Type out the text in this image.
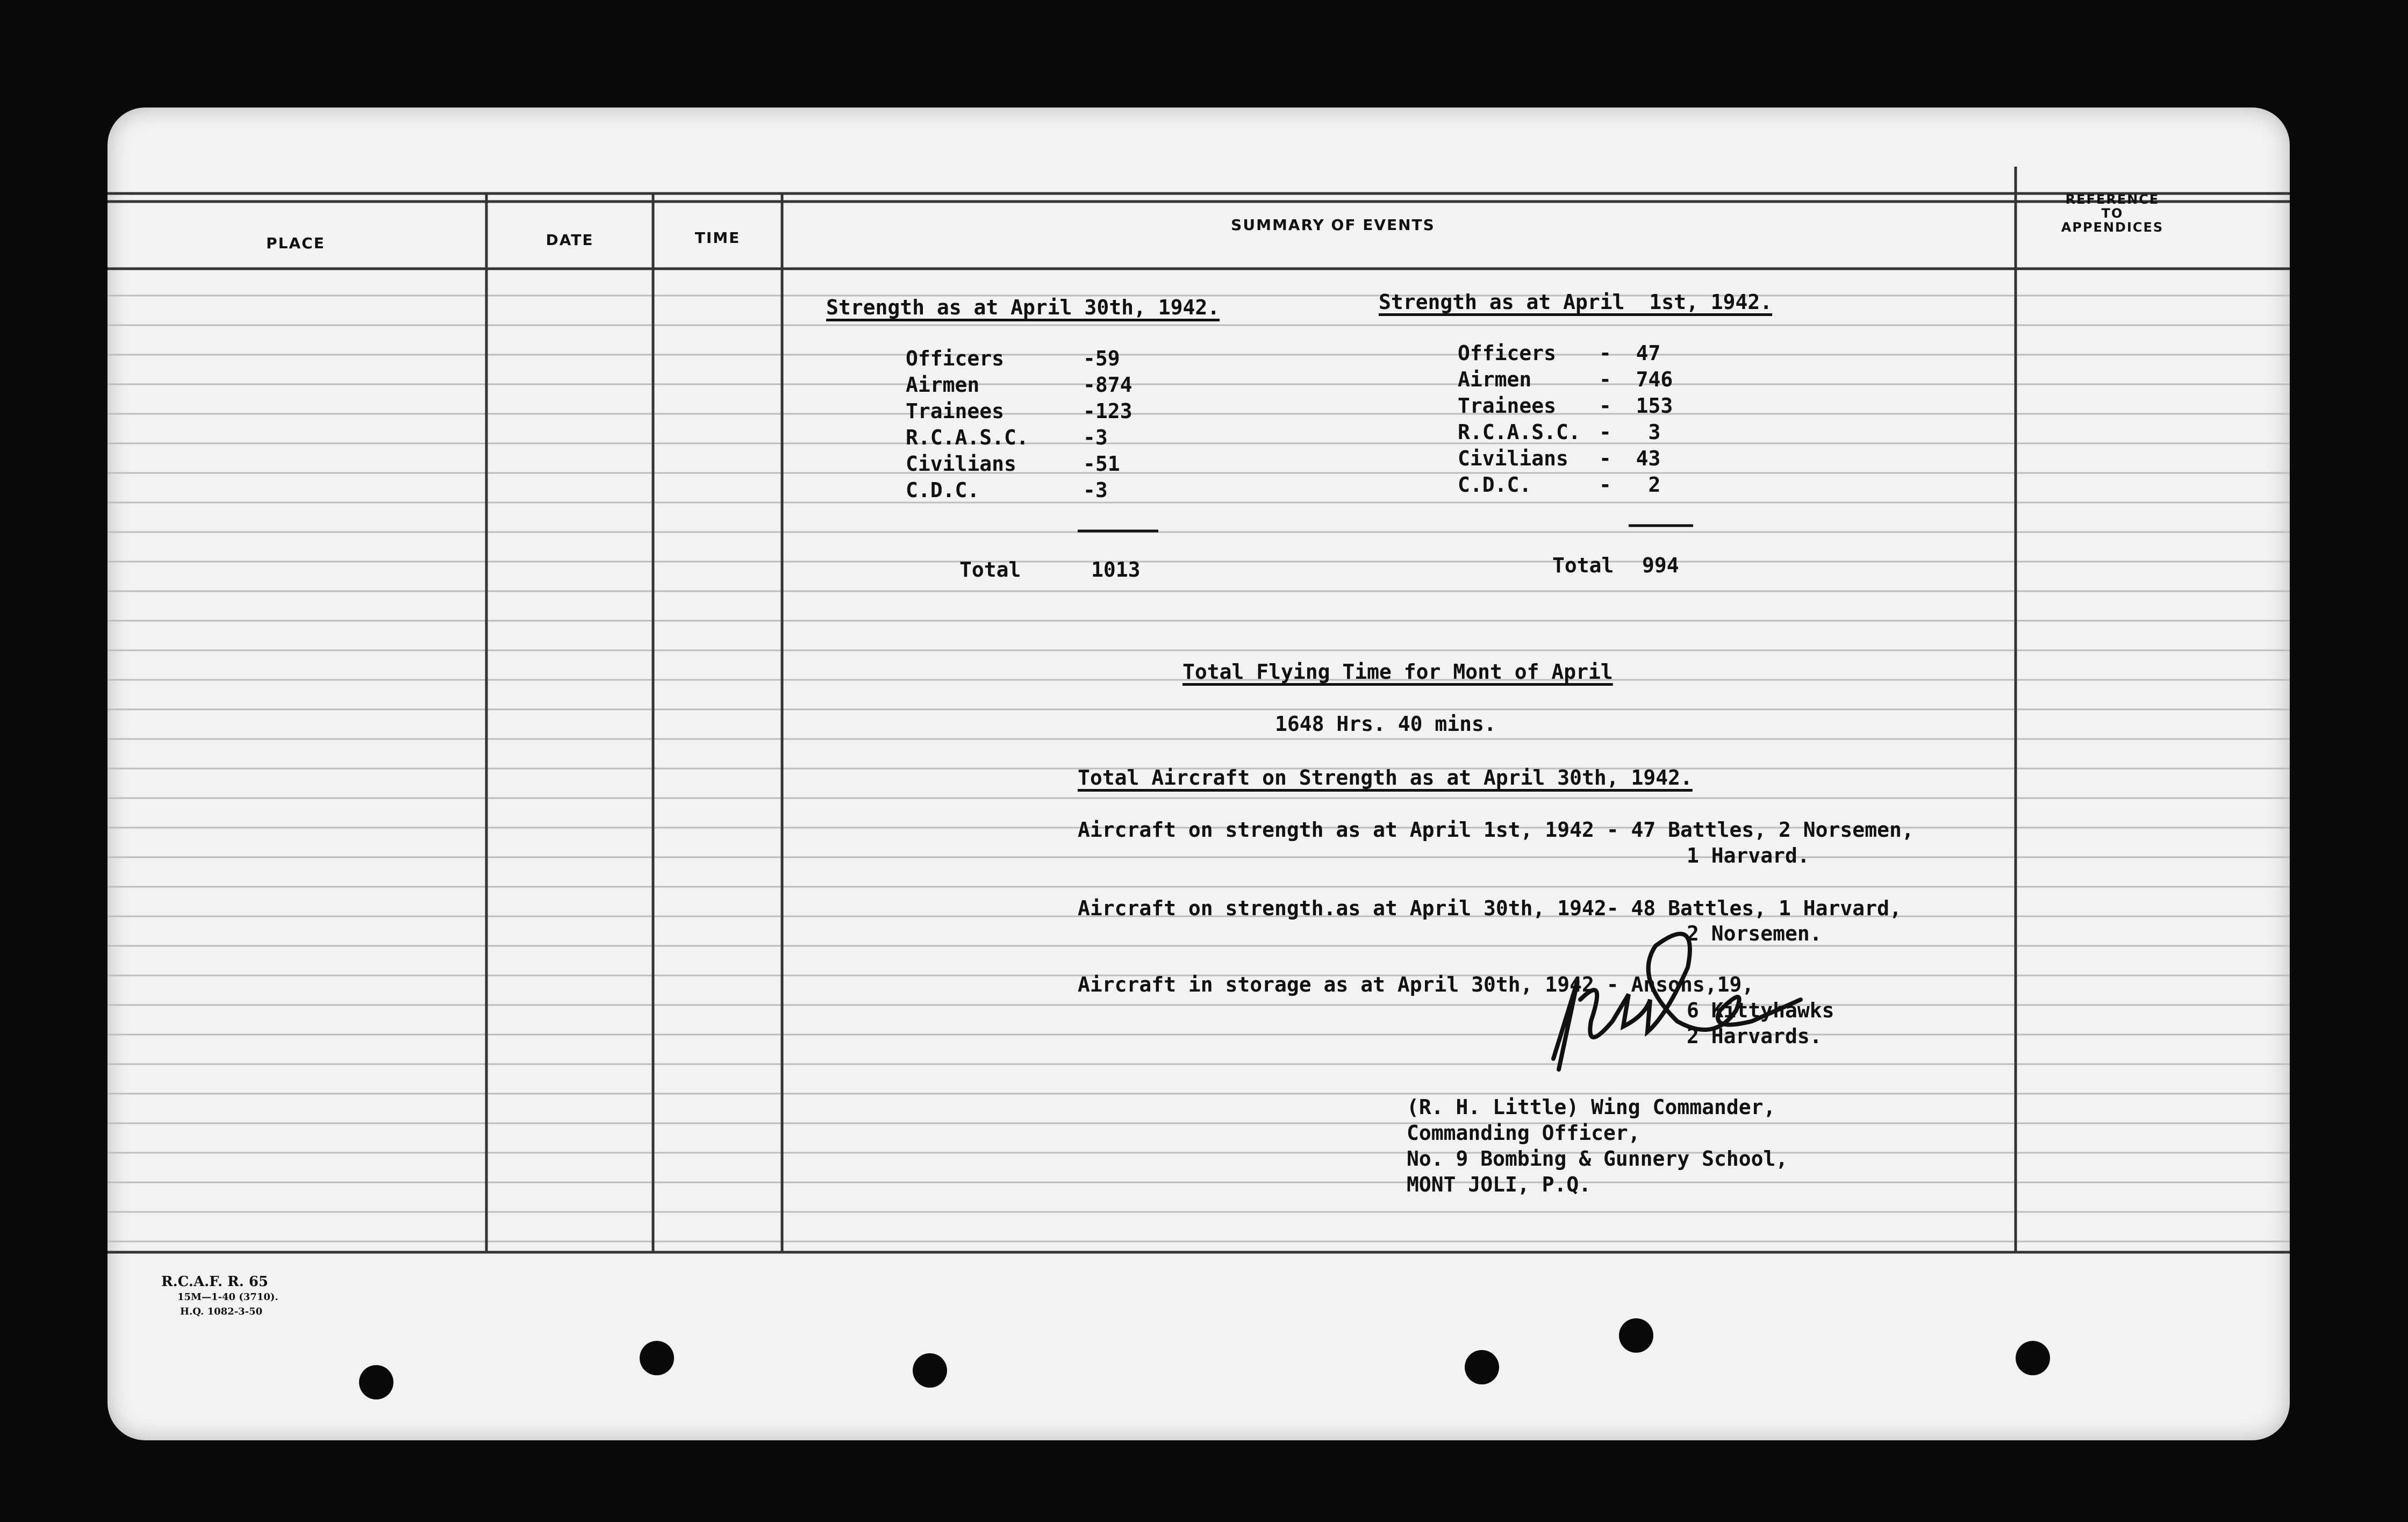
PLACE	DATE	TIME
SUMMARY OF EVENTS
REFERENCE
TO
APPENDICES
Strength as at April 30th, 1942.
Officers	-59
Airmen	-874
Trainees	-123
R.C.A.S.C.	-3
Civilians	-51
C.D.C.	-3
Total	1013
Strength as at April  1st, 1942.
Officers -  47
Airmen	-  746
Trainees -  153
R.C.A.S.C. -   3
Civilians -  43
C.D.C.	-   2
Total 994
Total Flying Time for Mont of April
1648 Hrs. 40 mins.
Total Aircraft on Strength as at April 30th, 1942.
Aircraft on strength as at April 1st, 1942 - 47 Battles, 2 Norsemen,
1 Harvard.
Aircraft on strength.as at April 30th, 1942- 48 Battles, 1 Harvard,
2 Norsemen.
Aircraft in storage as at April 30th, 1942 - Ansons,19,
6 Kittyhawks
2 Harvards.
(R. H. Little) Wing Commander,
Commanding Officer,
No. 9 Bombing & Gunnery School,
MONT JOLI, P.Q.
R.C.A.F. R. 65
15M—1-40 (3710).
H.Q. 1082-3-50
